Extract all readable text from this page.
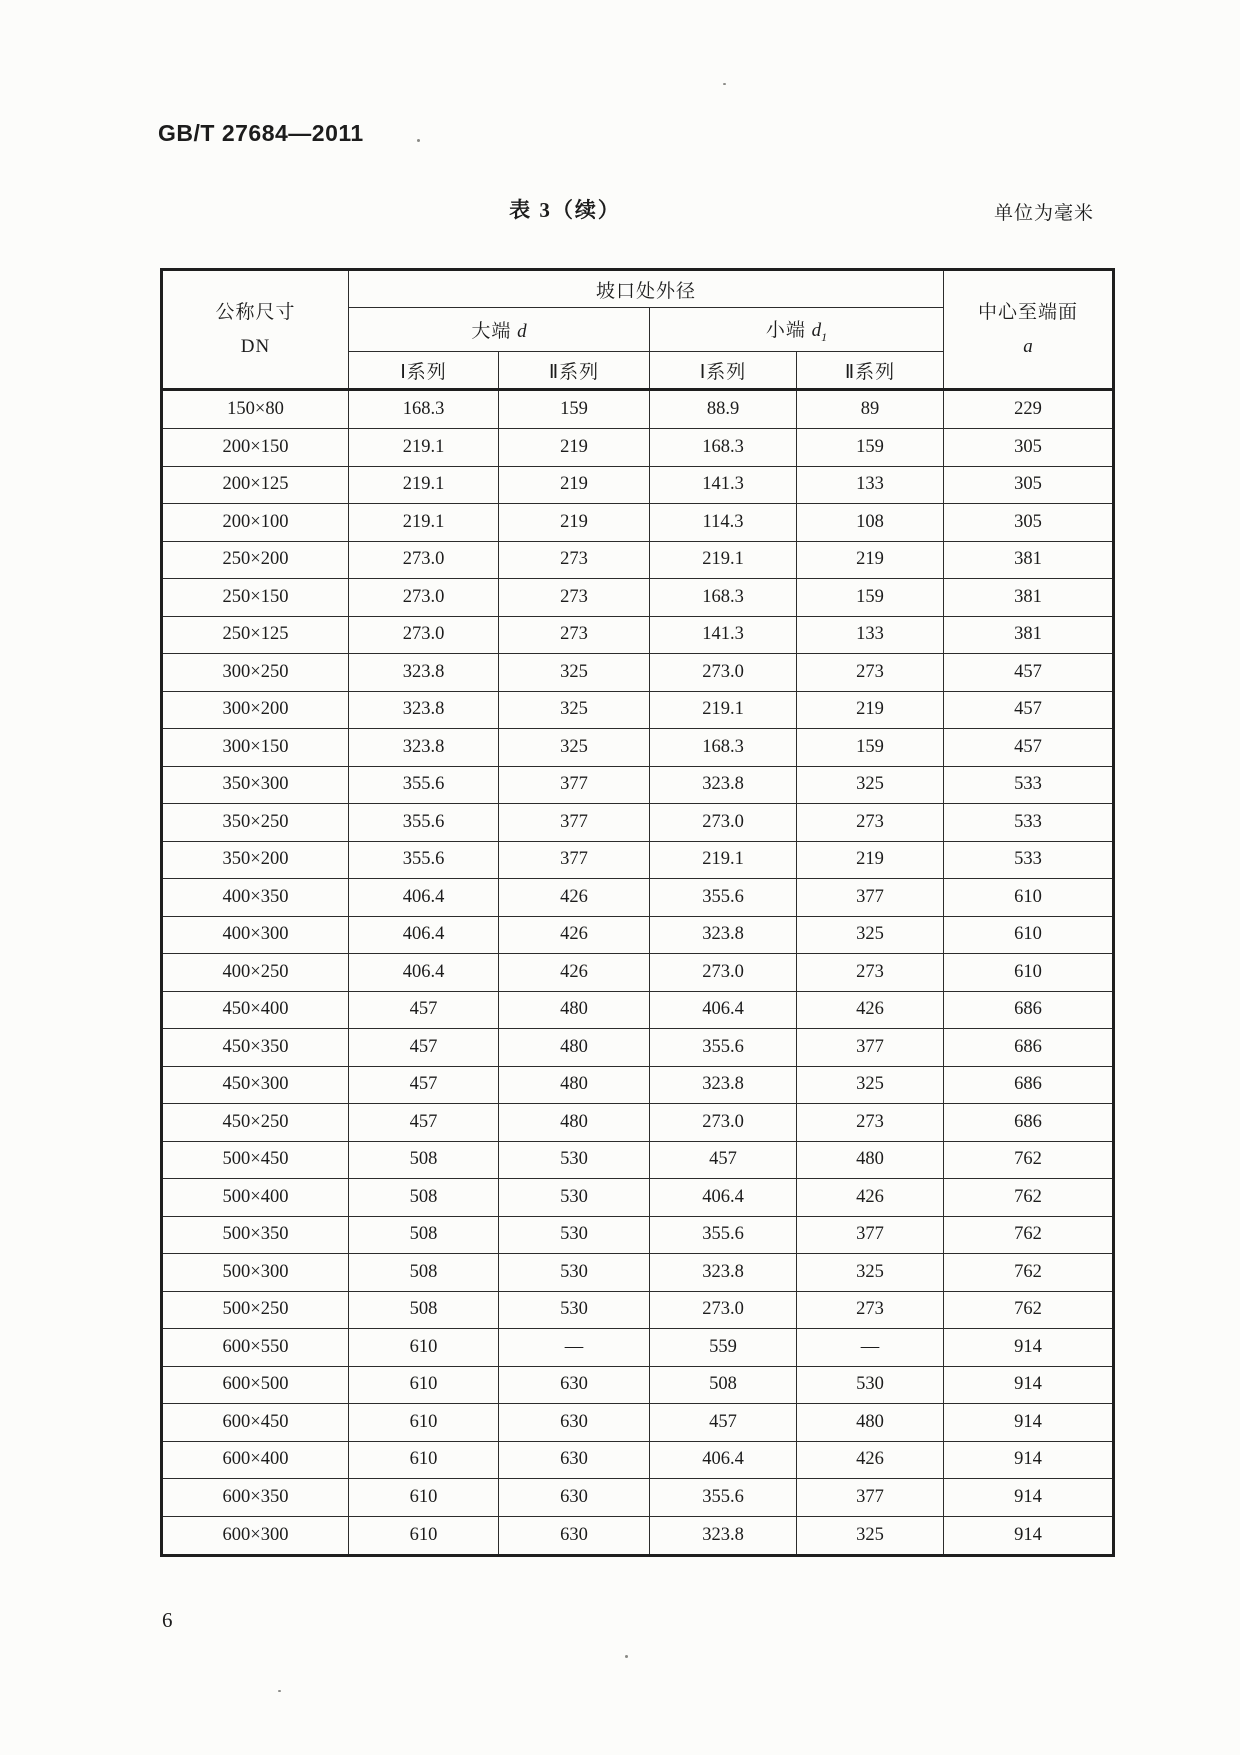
GB/T 27684—2011
表 3（续）	单位为毫米
公称尺寸
DN
	坡口处外径	
中心至端面
a

	大端 d		小端 $d_1$
	Ⅰ系列	Ⅱ系列	Ⅰ系列	Ⅱ系列	
150×80	168.3	159	88.9	89	229
200×150	219.1	219	168.3	159	305
200×125	219.1	219	141.3	133	305
200×100	219.1	219	114.3	108	305
250×200	273.0	273	219.1	219	381
250×150	273.0	273	168.3	159	381
250×125	273.0	273	141.3	133	381
300×250	323.8	325	273.0	273	457
300×200	323.8	325	219.1	219	457
300×150	323.8	325	168.3	159	457
350×300	355.6	377	323.8	325	533
350×250	355.6	377	273.0	273	533
350×200	355.6	377	219.1	219	533
400×350	406.4	426	355.6	377	610
400×300	406.4	426	323.8	325	610
400×250	406.4	426	273.0	273	610
450×400	457	480	406.4	426	686
450×350	457	480	355.6	377	686
450×300	457	480	323.8	325	686
450×250	457	480	273.0	273	686
500×450	508	530	457	480	762
500×400	508	530	406.4	426	762
500×350	508	530	355.6	377	762
500×300	508	530	323.8	325	762
500×250	508	530	273.0	273	762
600×550	610	—	559	—	914
600×500	610	630	508	530	914
600×450	610	630	457	480	914
600×400	610	630	406.4	426	914
600×350	610	630	355.6	377	914
600×300	610	630	323.8	325	914
6
